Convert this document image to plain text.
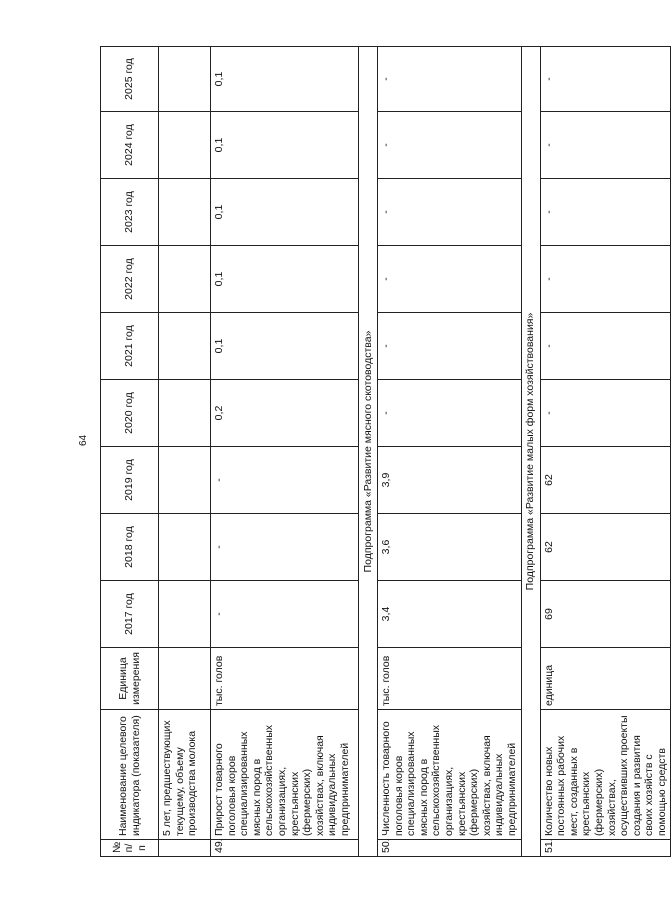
64
№ п/п	Наименование целевого индикатора (показателя)	Единица измерения	2017 год	2018 год	2019 год	2020 год	2021 год	2022 год	2023 год	2024 год	2025 год
	5 лет, предшествующих текущему, объему производства молока										
49.	Прирост товарного поголовья коров специализированных мясных пород в сельскохозяйственных организациях, крестьянских (фермерских) хозяйствах, включая индивидуальных предпринимателей	тыс. голов	-	-	-	0,2	0,1	0,1	0,1	0,1	0,1
Подпрограмма «Развитие мясного скотоводства»											
50.	Численность товарного поголовья коров специализированных мясных пород в сельскохозяйственных организациях, крестьянских (фермерских) хозяйствах, включая индивидуальных предпринимателей	тыс. голов	3,4	3,6	3,9	-	-	-	-	-	-
Подпрограмма «Развитие малых форм хозяйствования»											
51.	Количество новых постоянных рабочих мест, созданных в крестьянских (фермерских) хозяйствах, осуществивших проекты создания и развития своих хозяйств с помощью средств	единица	69	62	62	-	-	-	-	-	-
